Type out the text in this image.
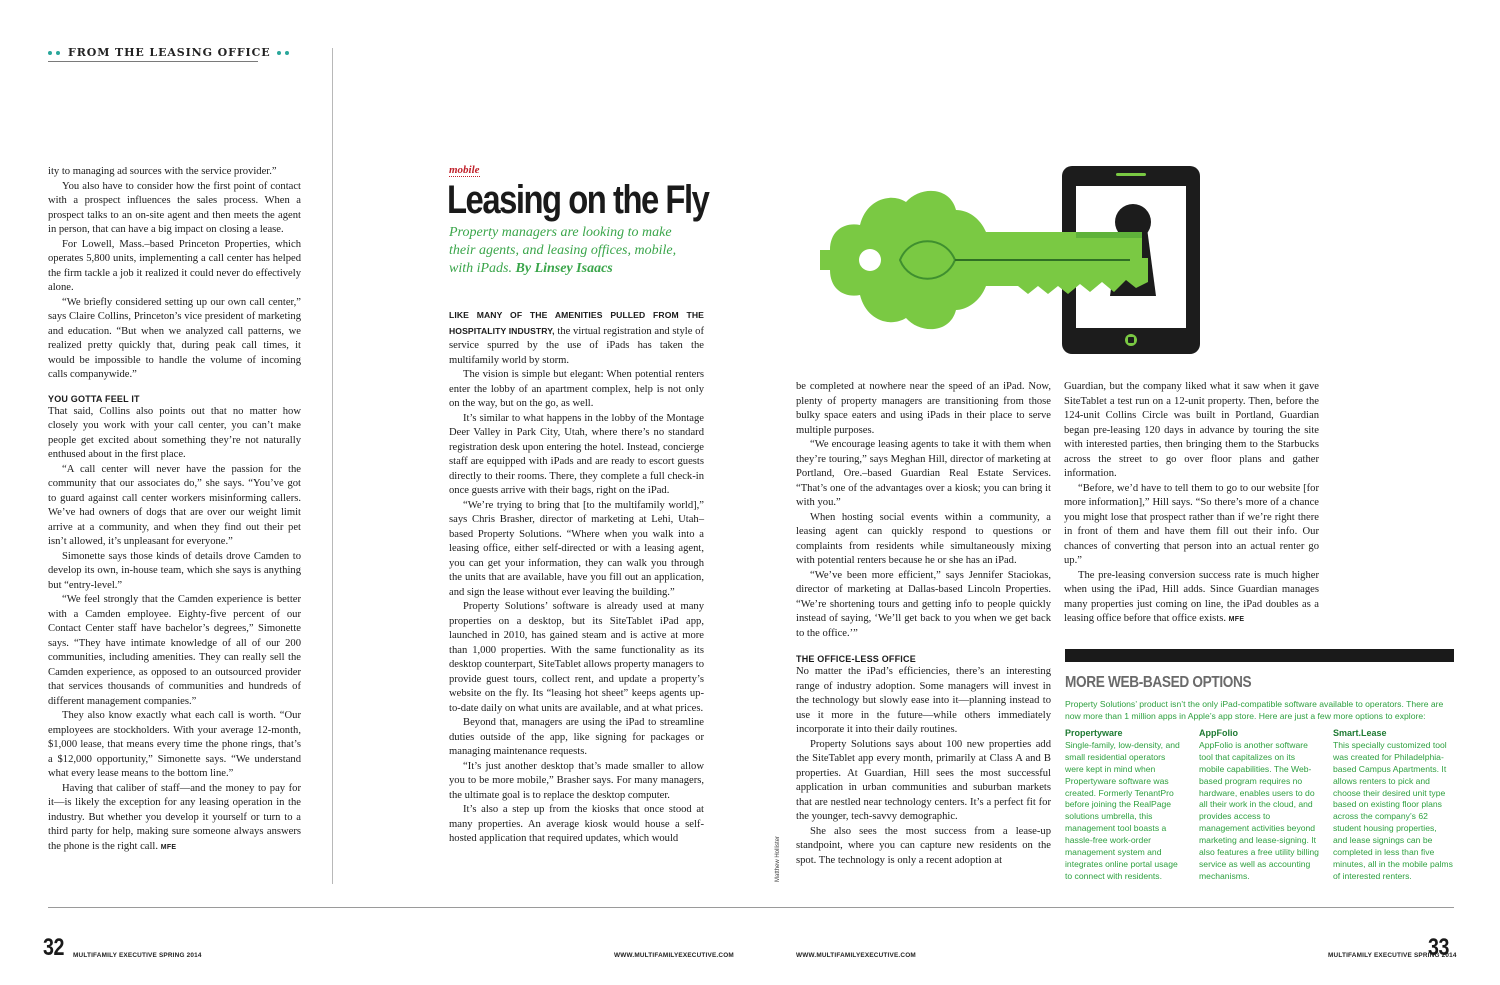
FROM THE LEASING OFFICE

ity to managing ad sources with the service provider.”

You also have to consider how the first point of contact with a prospect influences the sales process. When a prospect talks to an on-site agent and then meets the agent in person, that can have a big impact on closing a lease.

For Lowell, Mass.–based Princeton Properties, which operates 5,800 units, implementing a call center has helped the firm tackle a job it realized it could never do effectively alone.

“We briefly considered setting up our own call center,” says Claire Collins, Princeton’s vice president of marketing and education. “But when we analyzed call patterns, we realized pretty quickly that, during peak call times, it would be impossible to handle the volume of incoming calls companywide.”

YOU GOTTA FEEL IT

That said, Collins also points out that no matter how closely you work with your call center, you can’t make people get excited about something they’re not naturally enthused about in the first place.

“A call center will never have the passion for the community that our associates do,” she says. “You’ve got to guard against call center workers misinforming callers. We’ve had owners of dogs that are over our weight limit arrive at a community, and when they find out their pet isn’t allowed, it’s unpleasant for everyone.”

Simonette says those kinds of details drove Camden to develop its own, in-house team, which she says is anything but “entry-level.”

“We feel strongly that the Camden experience is better with a Camden employee. Eighty-five percent of our Contact Center staff have bachelor’s degrees,” Simonette says. “They have intimate knowledge of all of our 200 communities, including amenities. They can really sell the Camden experience, as opposed to an outsourced provider that services thousands of communities and hundreds of different management companies.”

They also know exactly what each call is worth. “Our employees are stockholders. With your average 12-month, $1,000 lease, that means every time the phone rings, that’s a $12,000 opportunity,” Simonette says. “We understand what every lease means to the bottom line.”

Having that caliber of staff—and the money to pay for it—is likely the exception for any leasing operation in the industry. But whether you develop it yourself or turn to a third party for help, making sure someone always answers the phone is the right call. MFE

mobile
Leasing on the Fly
Property managers are looking to make their agents, and leasing offices, mobile, with iPads. By Linsey Isaacs

LIKE MANY OF THE AMENITIES PULLED FROM THE HOSPITALITY INDUSTRY, the virtual registration and style of service spurred by the use of iPads has taken the multifamily world by storm.

The vision is simple but elegant: When potential renters enter the lobby of an apartment complex, help is not only on the way, but on the go, as well.

It’s similar to what happens in the lobby of the Montage Deer Valley in Park City, Utah, where there’s no standard registration desk upon entering the hotel. Instead, concierge staff are equipped with iPads and are ready to escort guests directly to their rooms. There, they complete a full check-in once guests arrive with their bags, right on the iPad.

“We’re trying to bring that [to the multifamily world],” says Chris Brasher, director of marketing at Lehi, Utah–based Property Solutions. “Where when you walk into a leasing office, either self-directed or with a leasing agent, you can get your information, they can walk you through the units that are available, have you fill out an application, and sign the lease without ever leaving the building.”

Property Solutions’ software is already used at many properties on a desktop, but its SiteTablet iPad app, launched in 2010, has gained steam and is active at more than 1,000 properties. With the same functionality as its desktop counterpart, SiteTablet allows property managers to provide guest tours, collect rent, and update a property’s website on the fly. Its “leasing hot sheet” keeps agents up-to-date daily on what units are available, and at what prices.

Beyond that, managers are using the iPad to streamline duties outside of the app, like signing for packages or managing maintenance requests.

“It’s just another desktop that’s made smaller to allow you to be more mobile,” Brasher says. For many managers, the ultimate goal is to replace the desktop computer.

It’s also a step up from the kiosks that once stood at many properties. An average kiosk would house a self-hosted application that required updates, which would

be completed at nowhere near the speed of an iPad. Now, plenty of property managers are transitioning from those bulky space eaters and using iPads in their place to serve multiple purposes.

“We encourage leasing agents to take it with them when they’re touring,” says Meghan Hill, director of marketing at Portland, Ore.–based Guardian Real Estate Services. “That’s one of the advantages over a kiosk; you can bring it with you.”

When hosting social events within a community, a leasing agent can quickly respond to questions or complaints from residents while simultaneously mixing with potential renters because he or she has an iPad.

“We’ve been more efficient,” says Jennifer Staciokas, director of marketing at Dallas-based Lincoln Properties. “We’re shortening tours and getting info to people quickly instead of saying, ‘We’ll get back to you when we get back to the office.’”

THE OFFICE-LESS OFFICE

No matter the iPad’s efficiencies, there’s an interesting range of industry adoption. Some managers will invest in the technology but slowly ease into it—planning instead to use it more in the future—while others immediately incorporate it into their daily routines.

Property Solutions says about 100 new properties add the SiteTablet app every month, primarily at Class A and B properties. At Guardian, Hill sees the most successful application in urban communities and suburban markets that are nestled near technology centers. It’s a perfect fit for the younger, tech-savvy demographic.

She also sees the most success from a lease-up standpoint, where you can capture new residents on the spot. The technology is only a recent adoption at

Matthew Hollister

Guardian, but the company liked what it saw when it gave SiteTablet a test run on a 12-unit property. Then, before the 124-unit Collins Circle was built in Portland, Guardian began pre-leasing 120 days in advance by touring the site with interested parties, then bringing them to the Starbucks across the street to go over floor plans and gather information.

“Before, we’d have to tell them to go to our website [for more information],” Hill says. “So there’s more of a chance you might lose that prospect rather than if we’re right there in front of them and have them fill out their info. Our chances of converting that person into an actual renter go up.”

The pre-leasing conversion success rate is much higher when using the iPad, Hill adds. Since Guardian manages many properties just coming on line, the iPad doubles as a leasing office before that office exists. MFE

MORE WEB-BASED OPTIONS
Property Solutions’ product isn’t the only iPad-compatible software available to operators. There are now more than 1 million apps in Apple’s app store. Here are just a few more options to explore:
Propertyware
Single-family, low-density, and small residential operators were kept in mind when Propertyware software was created. Formerly TenantPro before joining the RealPage solutions umbrella, this management tool boasts a hassle-free work-order management system and integrates online portal usage to connect with residents.
AppFolio
AppFolio is another software tool that capitalizes on its mobile capabilities. The Web-based program requires no hardware, enables users to do all their work in the cloud, and provides access to management activities beyond marketing and lease-signing. It also features a free utility billing service as well as accounting mechanisms.
Smart.Lease
This specially customized tool was created for Philadelphia-based Campus Apartments. It allows renters to pick and choose their desired unit type based on existing floor plans across the company’s 62 student housing properties, and lease signings can be completed in less than five minutes, all in the mobile palms of interested renters.
32 MULTIFAMILY EXECUTIVE SPRING 2014	WWW.MULTIFAMILYEXECUTIVE.COM	WWW.MULTIFAMILYEXECUTIVE.COM	MULTIFAMILY EXECUTIVE SPRING 2014
33
